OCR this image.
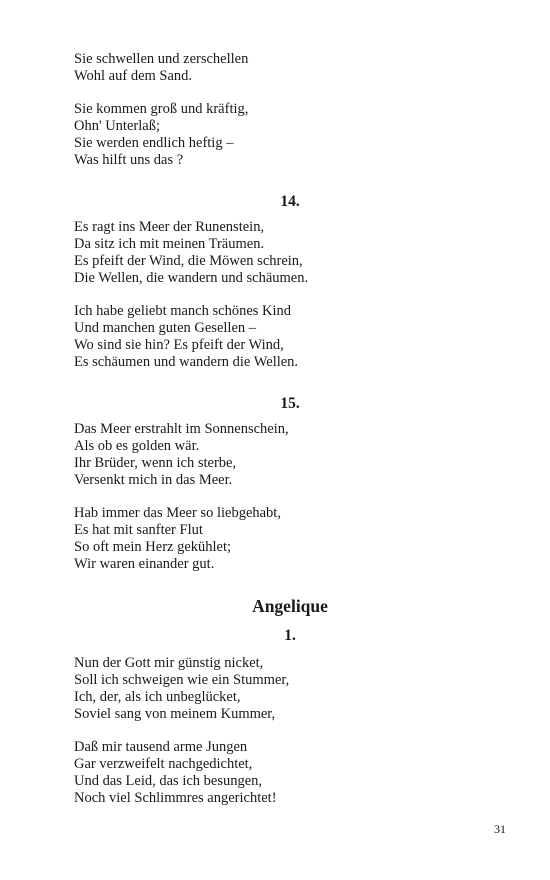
Sie schwellen und zerschellen
Wohl auf dem Sand.
Sie kommen groß und kräftig,
Ohn' Unterlaß;
Sie werden endlich heftig –
Was hilft uns das ?
14.
Es ragt ins Meer der Runenstein,
Da sitz ich mit meinen Träumen.
Es pfeift der Wind, die Möwen schrein,
Die Wellen, die wandern und schäumen.
Ich habe geliebt manch schönes Kind
Und manchen guten Gesellen –
Wo sind sie hin? Es pfeift der Wind,
Es schäumen und wandern die Wellen.
15.
Das Meer erstrahlt im Sonnenschein,
Als ob es golden wär.
Ihr Brüder, wenn ich sterbe,
Versenkt mich in das Meer.
Hab immer das Meer so liebgehabt,
Es hat mit sanfter Flut
So oft mein Herz gekühlet;
Wir waren einander gut.
Angelique
1.
Nun der Gott mir günstig nicket,
Soll ich schweigen wie ein Stummer,
Ich, der, als ich unbeglücket,
Soviel sang von meinem Kummer,
Daß mir tausend arme Jungen
Gar verzweifelt nachgedichtet,
Und das Leid, das ich besungen,
Noch viel Schlimmres angerichtet!
31
